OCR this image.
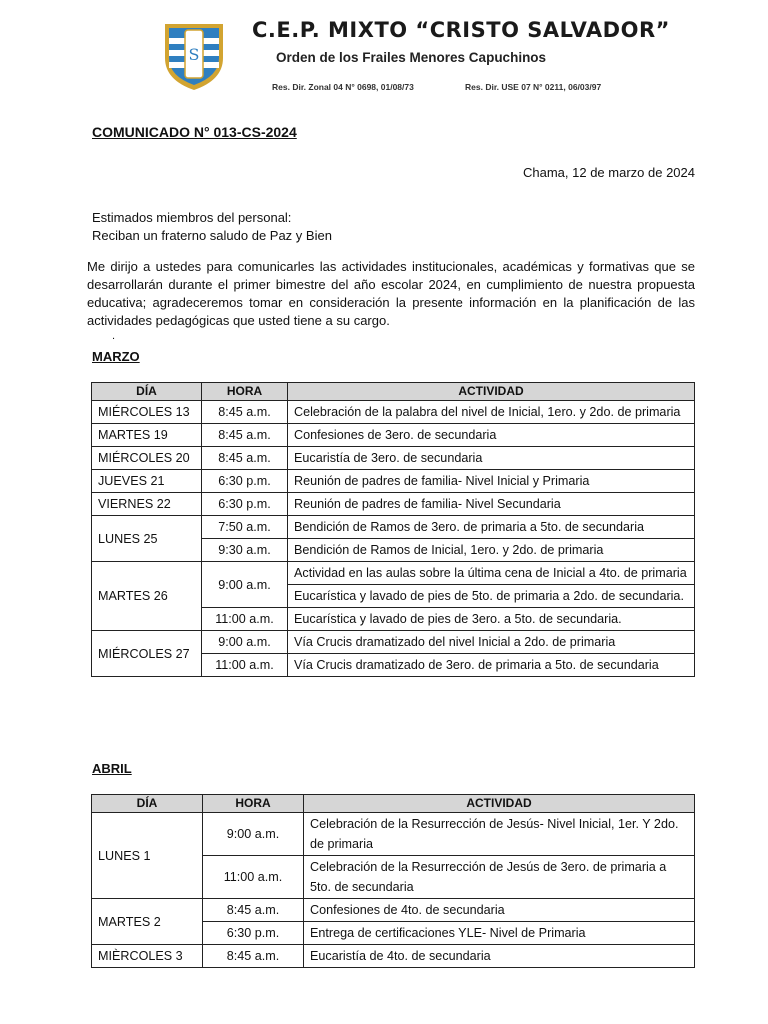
S
C.E.P. MIXTO “CRISTO SALVADOR”
Orden de los Frailes Menores Capuchinos
Res. Dir. Zonal 04 N° 0698, 01/08/73	Res. Dir. USE 07 N° 0211, 06/03/97
COMUNICADO N° 013-CS-2024
Chama, 12 de marzo de 2024
Estimados miembros del personal:
Reciban un fraterno saludo de Paz y Bien
Me dirijo a ustedes para comunicarles las actividades institucionales, académicas y formativas que se desarrollarán durante el primer bimestre del año escolar 2024, en cumplimiento de nuestra propuesta educativa; agradeceremos tomar en consideración la presente información en la planificación de las actividades pedagógicas que usted tiene a su cargo.
.
MARZO
DÍA	HORA	ACTIVIDAD
MIÉRCOLES 13	8:45 a.m.	Celebración de la palabra del nivel de Inicial, 1ero. y 2do. de primaria
MARTES 19	8:45 a.m.	Confesiones de 3ero. de secundaria
MIÉRCOLES 20	8:45 a.m.	Eucaristía de 3ero. de secundaria
JUEVES 21	6:30 p.m.	Reunión de padres de familia- Nivel Inicial y Primaria
VIERNES 22	6:30 p.m.	Reunión de padres de familia- Nivel Secundaria
LUNES 25	7:50 a.m.	Bendición de Ramos de 3ero. de primaria a 5to. de secundaria
	9:30 a.m.	Bendición de Ramos de Inicial, 1ero. y 2do. de primaria
MARTES 26	9:00 a.m.	Actividad en las aulas sobre la última cena de Inicial a 4to. de primaria
		Eucarística y lavado de pies de 5to. de primaria a 2do. de secundaria.
	11:00 a.m.	Eucarística y lavado de pies de 3ero. a 5to. de secundaria.
MIÉRCOLES 27	9:00 a.m.	Vía Crucis dramatizado del nivel Inicial a 2do. de primaria
	11:00 a.m.	Vía Crucis dramatizado de 3ero. de primaria a 5to. de secundaria
ABRIL
DÍA	HORA	ACTIVIDAD
LUNES 1	9:00 a.m.	Celebración de la Resurrección de Jesús- Nivel Inicial, 1er. Y 2do. de primaria
	11:00 a.m.	Celebración de la Resurrección de Jesús de 3ero. de primaria a 5to. de secundaria
MARTES 2	8:45 a.m.	Confesiones de 4to. de secundaria
	6:30 p.m.	Entrega de certificaciones YLE- Nivel de Primaria
MIÈRCOLES 3	8:45 a.m.	Eucaristía de 4to. de secundaria
